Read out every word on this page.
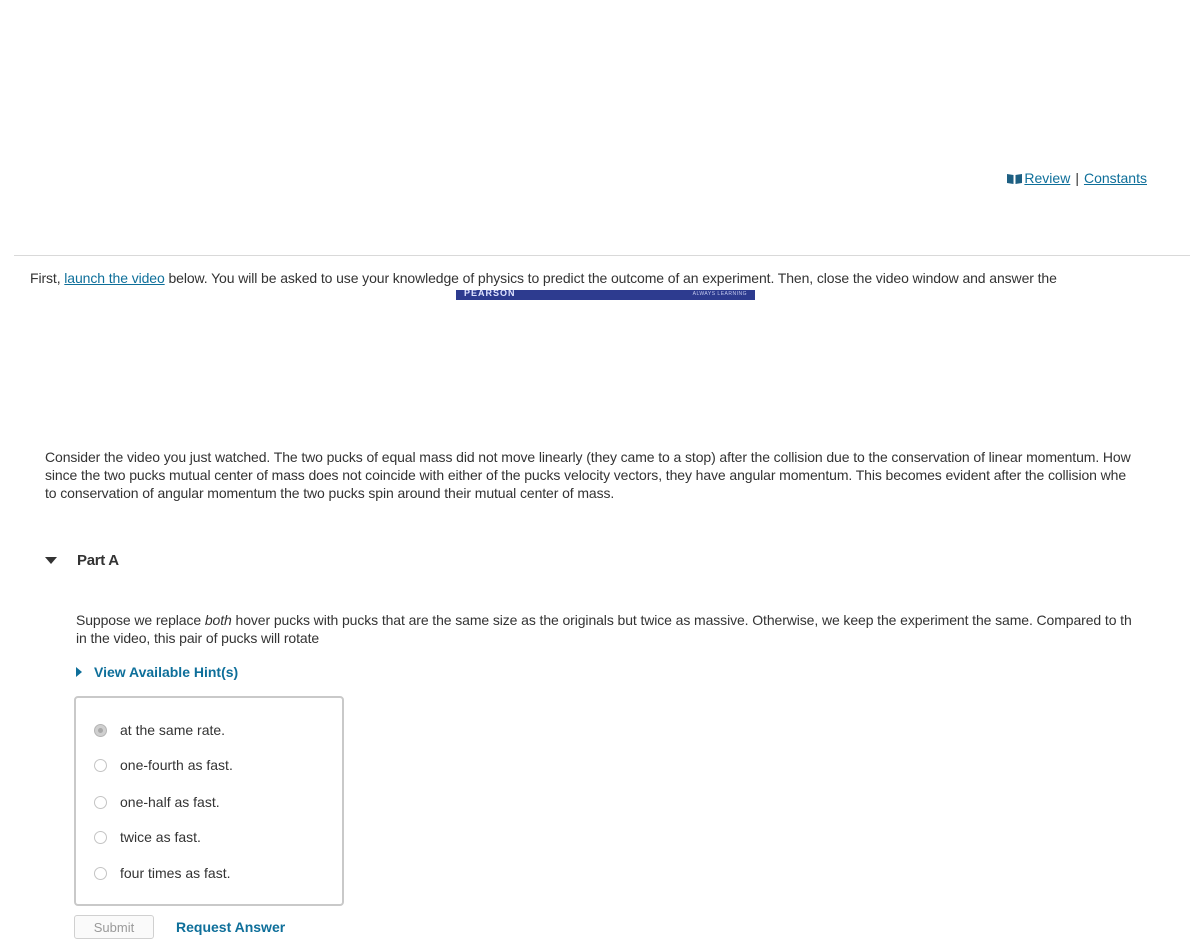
Review | Constants
First, launch the video below. You will be asked to use your knowledge of physics to predict the outcome of an experiment. Then, close the video window and answer the
PEARSON	ALWAYS LEARNING
Consider the video you just watched. The two pucks of equal mass did not move linearly (they came to a stop) after the collision due to the conservation of linear momentum. How
since the two pucks mutual center of mass does not coincide with either of the pucks velocity vectors, they have angular momentum. This becomes evident after the collision whe
to conservation of angular momentum the two pucks spin around their mutual center of mass.
Part A
Suppose we replace both hover pucks with pucks that are the same size as the originals but twice as massive. Otherwise, we keep the experiment the same. Compared to th
in the video, this pair of pucks will rotate
View Available Hint(s)
at the same rate.
one-fourth as fast.
one-half as fast.
twice as fast.
four times as fast.
Submit	Request Answer
